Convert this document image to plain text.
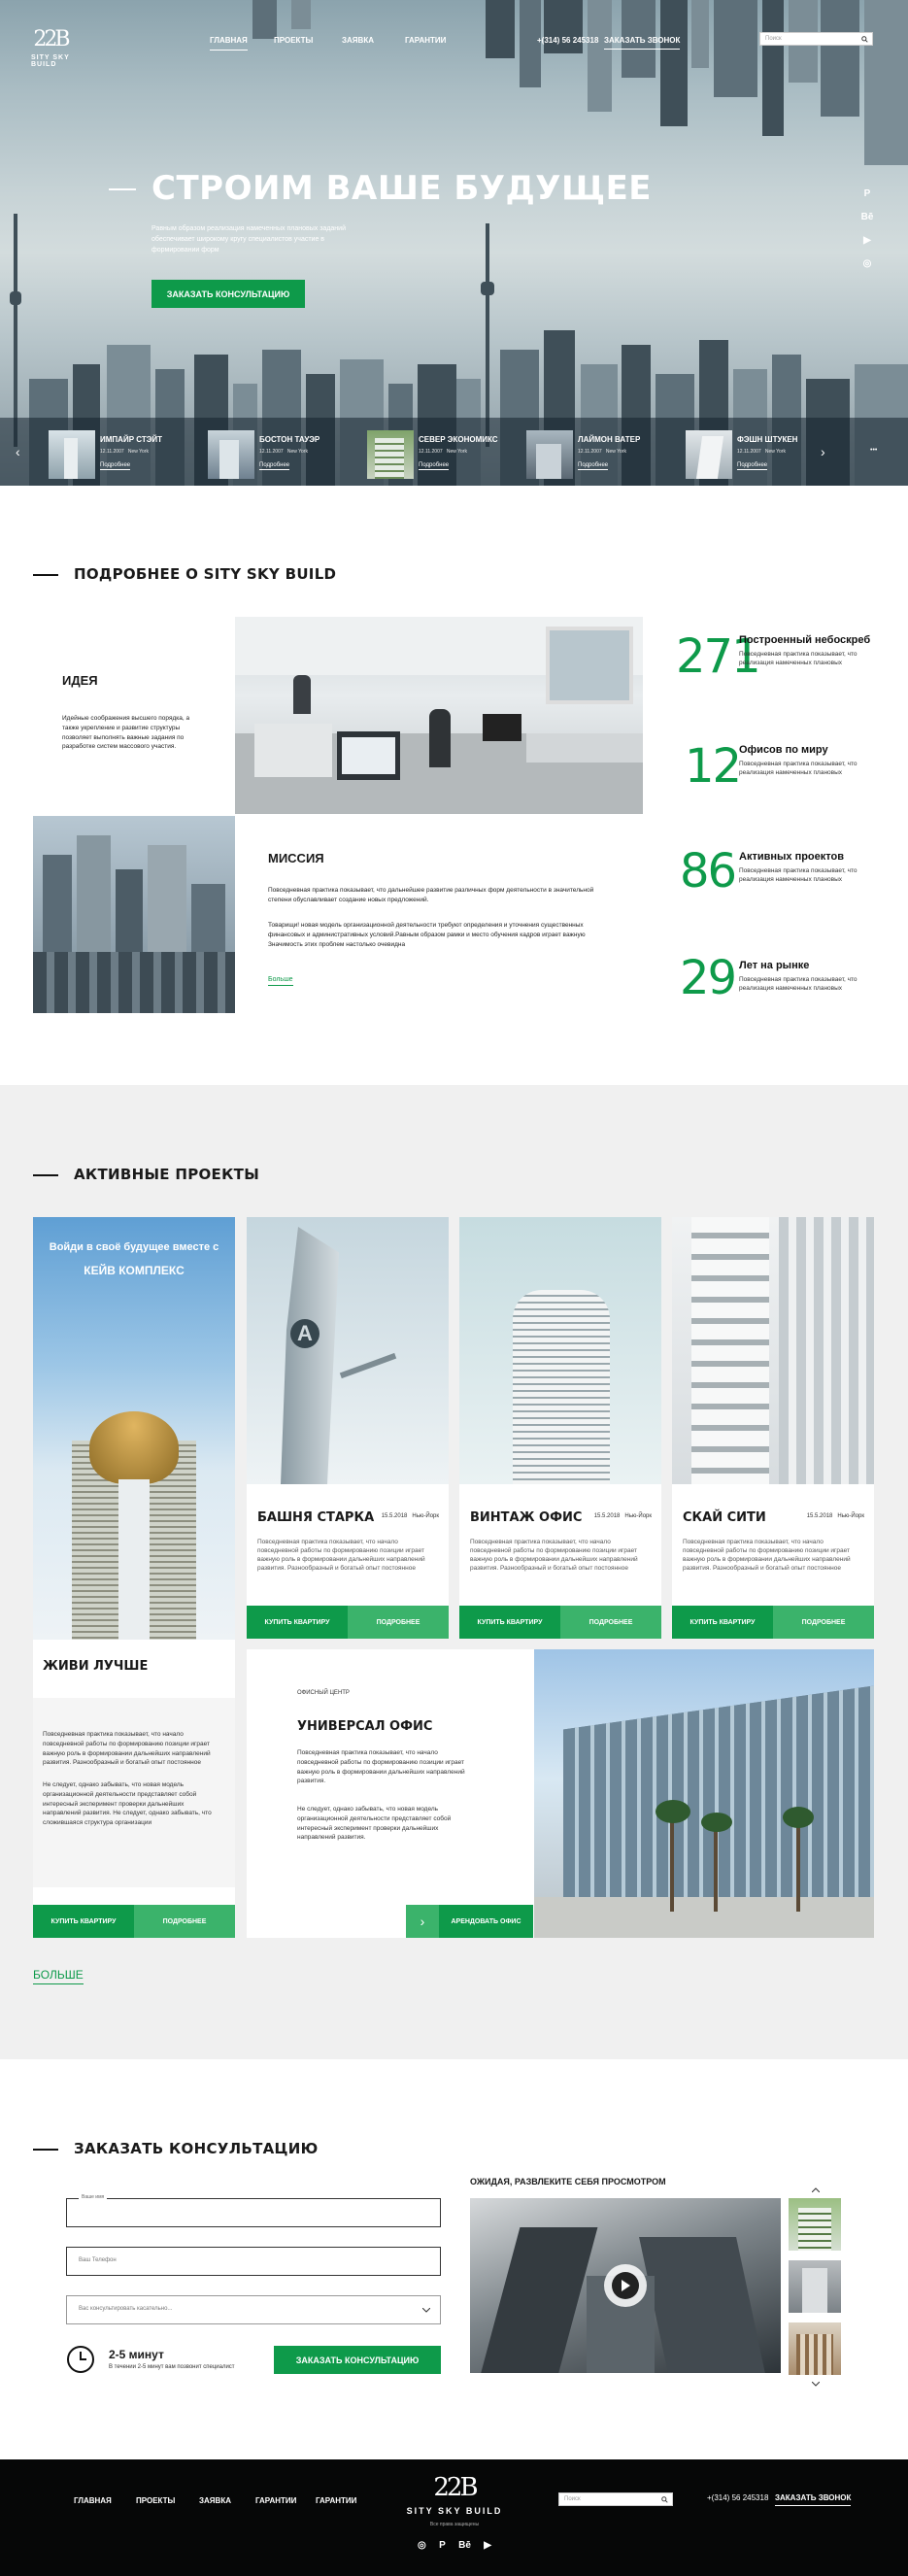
22B
SITY SKY BUILD
ГЛАВНАЯ	ПРОЕКТЫ	ЗАЯВКА	ГАРАНТИИ	+(314) 56 245318 ЗАКАЗАТЬ ЗВОНОК	Поиск
СТРОИМ ВАШЕ БУДУЩЕЕ
Равным образом реализация намеченных плановых заданий обеспечивает широкому кругу специалистов участие в формировании форм
ЗАКАЗАТЬ КОНСУЛЬТАЦИЮ
P
Bē
▶
◎
‹	›	•••
ИМПАЙР СТЭЙТ
12.11.2007 New York
Подробнее
БОСТОН ТАУЭР
12.11.2007 New York
Подробнее
СЕВЕР ЭКОНОМИКС
12.11.2007 New York
Подробнее
ЛАЙМОН ВАТЕР
12.11.2007 New York
Подробнее
ФЭШН ШТУКЕН
12.11.2007 New York
Подробнее
ПОДРОБНЕЕ О SITY SKY BUILD
ИДЕЯ
Идейные соображения высшего порядка, а также укрепление и развитие структуры позволяет выполнять важные задания по разработке систем массового участия.
МИССИЯ
Повседневная практика показывает, что дальнейшее развитие различных форм деятельности в значительной степени обуславливает создание новых предложений.
Товарищи! новая модель организационной деятельности требуют определения и уточнения существенных финансовых и административных условий.Равным образом рамки и место обучения кадров играет важную Значимость этих проблем настолько очевидна
Больше
271
Построенный небоскреб
Повседневная практика показывает, что реализация намеченных плановых
12
Офисов по миру
Повседневная практика показывает, что реализация намеченных плановых
86 Активных проектов
Повседневная практика показывает, что реализация намеченных плановых
29 Лет на рынке
Повседневная практика показывает, что реализация намеченных плановых
АКТИВНЫЕ ПРОЕКТЫ
Войди в своё будущее вместе с
КЕЙВ КОМПЛЕКС
ЖИВИ ЛУЧШЕ
Повседневная практика показывает, что начало повседневной работы по формированию позиции играет важную роль в формировании дальнейших направлений развития. Разнообразный и богатый опыт постоянное
Не следует, однако забывать, что новая модель организационной деятельности представляет собой интересный эксперимент проверки дальнейших направлений развития. Не следует, однако забывать, что сложившаяся структура организации
КУПИТЬ КВАРТИРУ	ПОДРОБНЕЕ
A
БАШНЯ СТАРКА 15.5.2018 Нью-Йорк
Повседневная практика показывает, что начало повседневной работы по формированию позиции играет важную роль в формировании дальнейших направлений развития. Разнообразный и богатый опыт постоянное
КУПИТЬ КВАРТИРУ	ПОДРОБНЕЕ
ВИНТАЖ ОФИС 15.5.2018 Нью-Йорк
Повседневная практика показывает, что начало повседневной работы по формированию позиции играет важную роль в формировании дальнейших направлений развития. Разнообразный и богатый опыт постоянное
КУПИТЬ КВАРТИРУ	ПОДРОБНЕЕ
СКАЙ СИТИ	15.5.2018 Нью-Йорк
Повседневная практика показывает, что начало повседневной работы по формированию позиции играет важную роль в формировании дальнейших направлений развития. Разнообразный и богатый опыт постоянное
КУПИТЬ КВАРТИРУ	ПОДРОБНЕЕ
ОФИСНЫЙ ЦЕНТР
УНИВЕРСАЛ ОФИС
Повседневная практика показывает, что начало повседневной работы по формированию позиции играет важную роль в формировании дальнейших направлений развития.
Не следует, однако забывать, что новая модель организационной деятельности представляет собой интересный эксперимент проверки дальнейших направлений развития.
›	АРЕНДОВАТЬ ОФИС
БОЛЬШЕ
ЗАКАЗАТЬ КОНСУЛЬТАЦИЮ
Ваше имя
Ваш Телефон
Вас консультировать касательно...
2-5 минут
В течении 2-5 минут вам позвонит специалист
ЗАКАЗАТЬ КОНСУЛЬТАЦИЮ
ОЖИДАЯ, РАЗВЛЕКИТЕ СЕБЯ ПРОСМОТРОМ
ГЛАВНАЯ	ПРОЕКТЫ	ЗАЯВКА	ГАРАНТИИ ГАРАНТИИ	22B
SITY SKY BUILD
Все права защищены
◎ P Bē ▶
Поиск	+(314) 56 245318 ЗАКАЗАТЬ ЗВОНОК
